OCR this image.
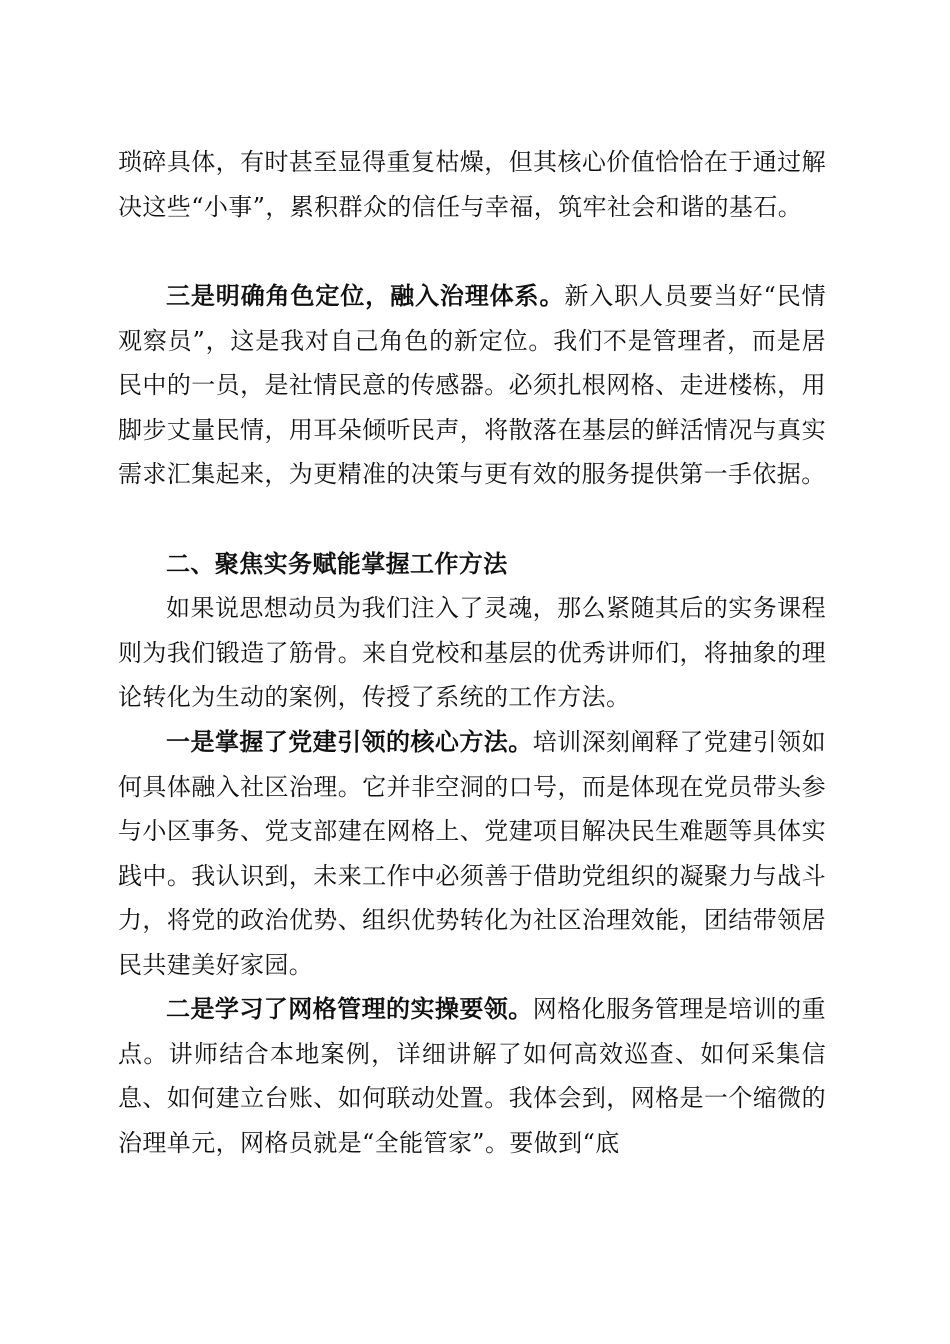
琐碎具体，有时甚至显得重复枯燥，但其核心价值恰恰在于通过解决这些“小事”，累积群众的信任与幸福，筑牢社会和谐的基石。

三是明确角色定位，融入治理体系。新入职人员要当好“民情观察员”，这是我对自己角色的新定位。我们不是管理者，而是居民中的一员，是社情民意的传感器。必须扎根网格、走进楼栋，用脚步丈量民情，用耳朵倾听民声，将散落在基层的鲜活情况与真实需求汇集起来，为更精准的决策与更有效的服务提供第一手依据。

二、聚焦实务赋能掌握工作方法

如果说思想动员为我们注入了灵魂，那么紧随其后的实务课程则为我们锻造了筋骨。来自党校和基层的优秀讲师们，将抽象的理论转化为生动的案例，传授了系统的工作方法。

一是掌握了党建引领的核心方法。培训深刻阐释了党建引领如何具体融入社区治理。它并非空洞的口号，而是体现在党员带头参与小区事务、党支部建在网格上、党建项目解决民生难题等具体实践中。我认识到，未来工作中必须善于借助党组织的凝聚力与战斗力，将党的政治优势、组织优势转化为社区治理效能，团结带领居民共建美好家园。

二是学习了网格管理的实操要领。网格化服务管理是培训的重点。讲师结合本地案例，详细讲解了如何高效巡查、如何采集信息、如何建立台账、如何联动处置。我体会到，网格是一个缩微的治理单元，网格员就是“全能管家”。要做到“底
